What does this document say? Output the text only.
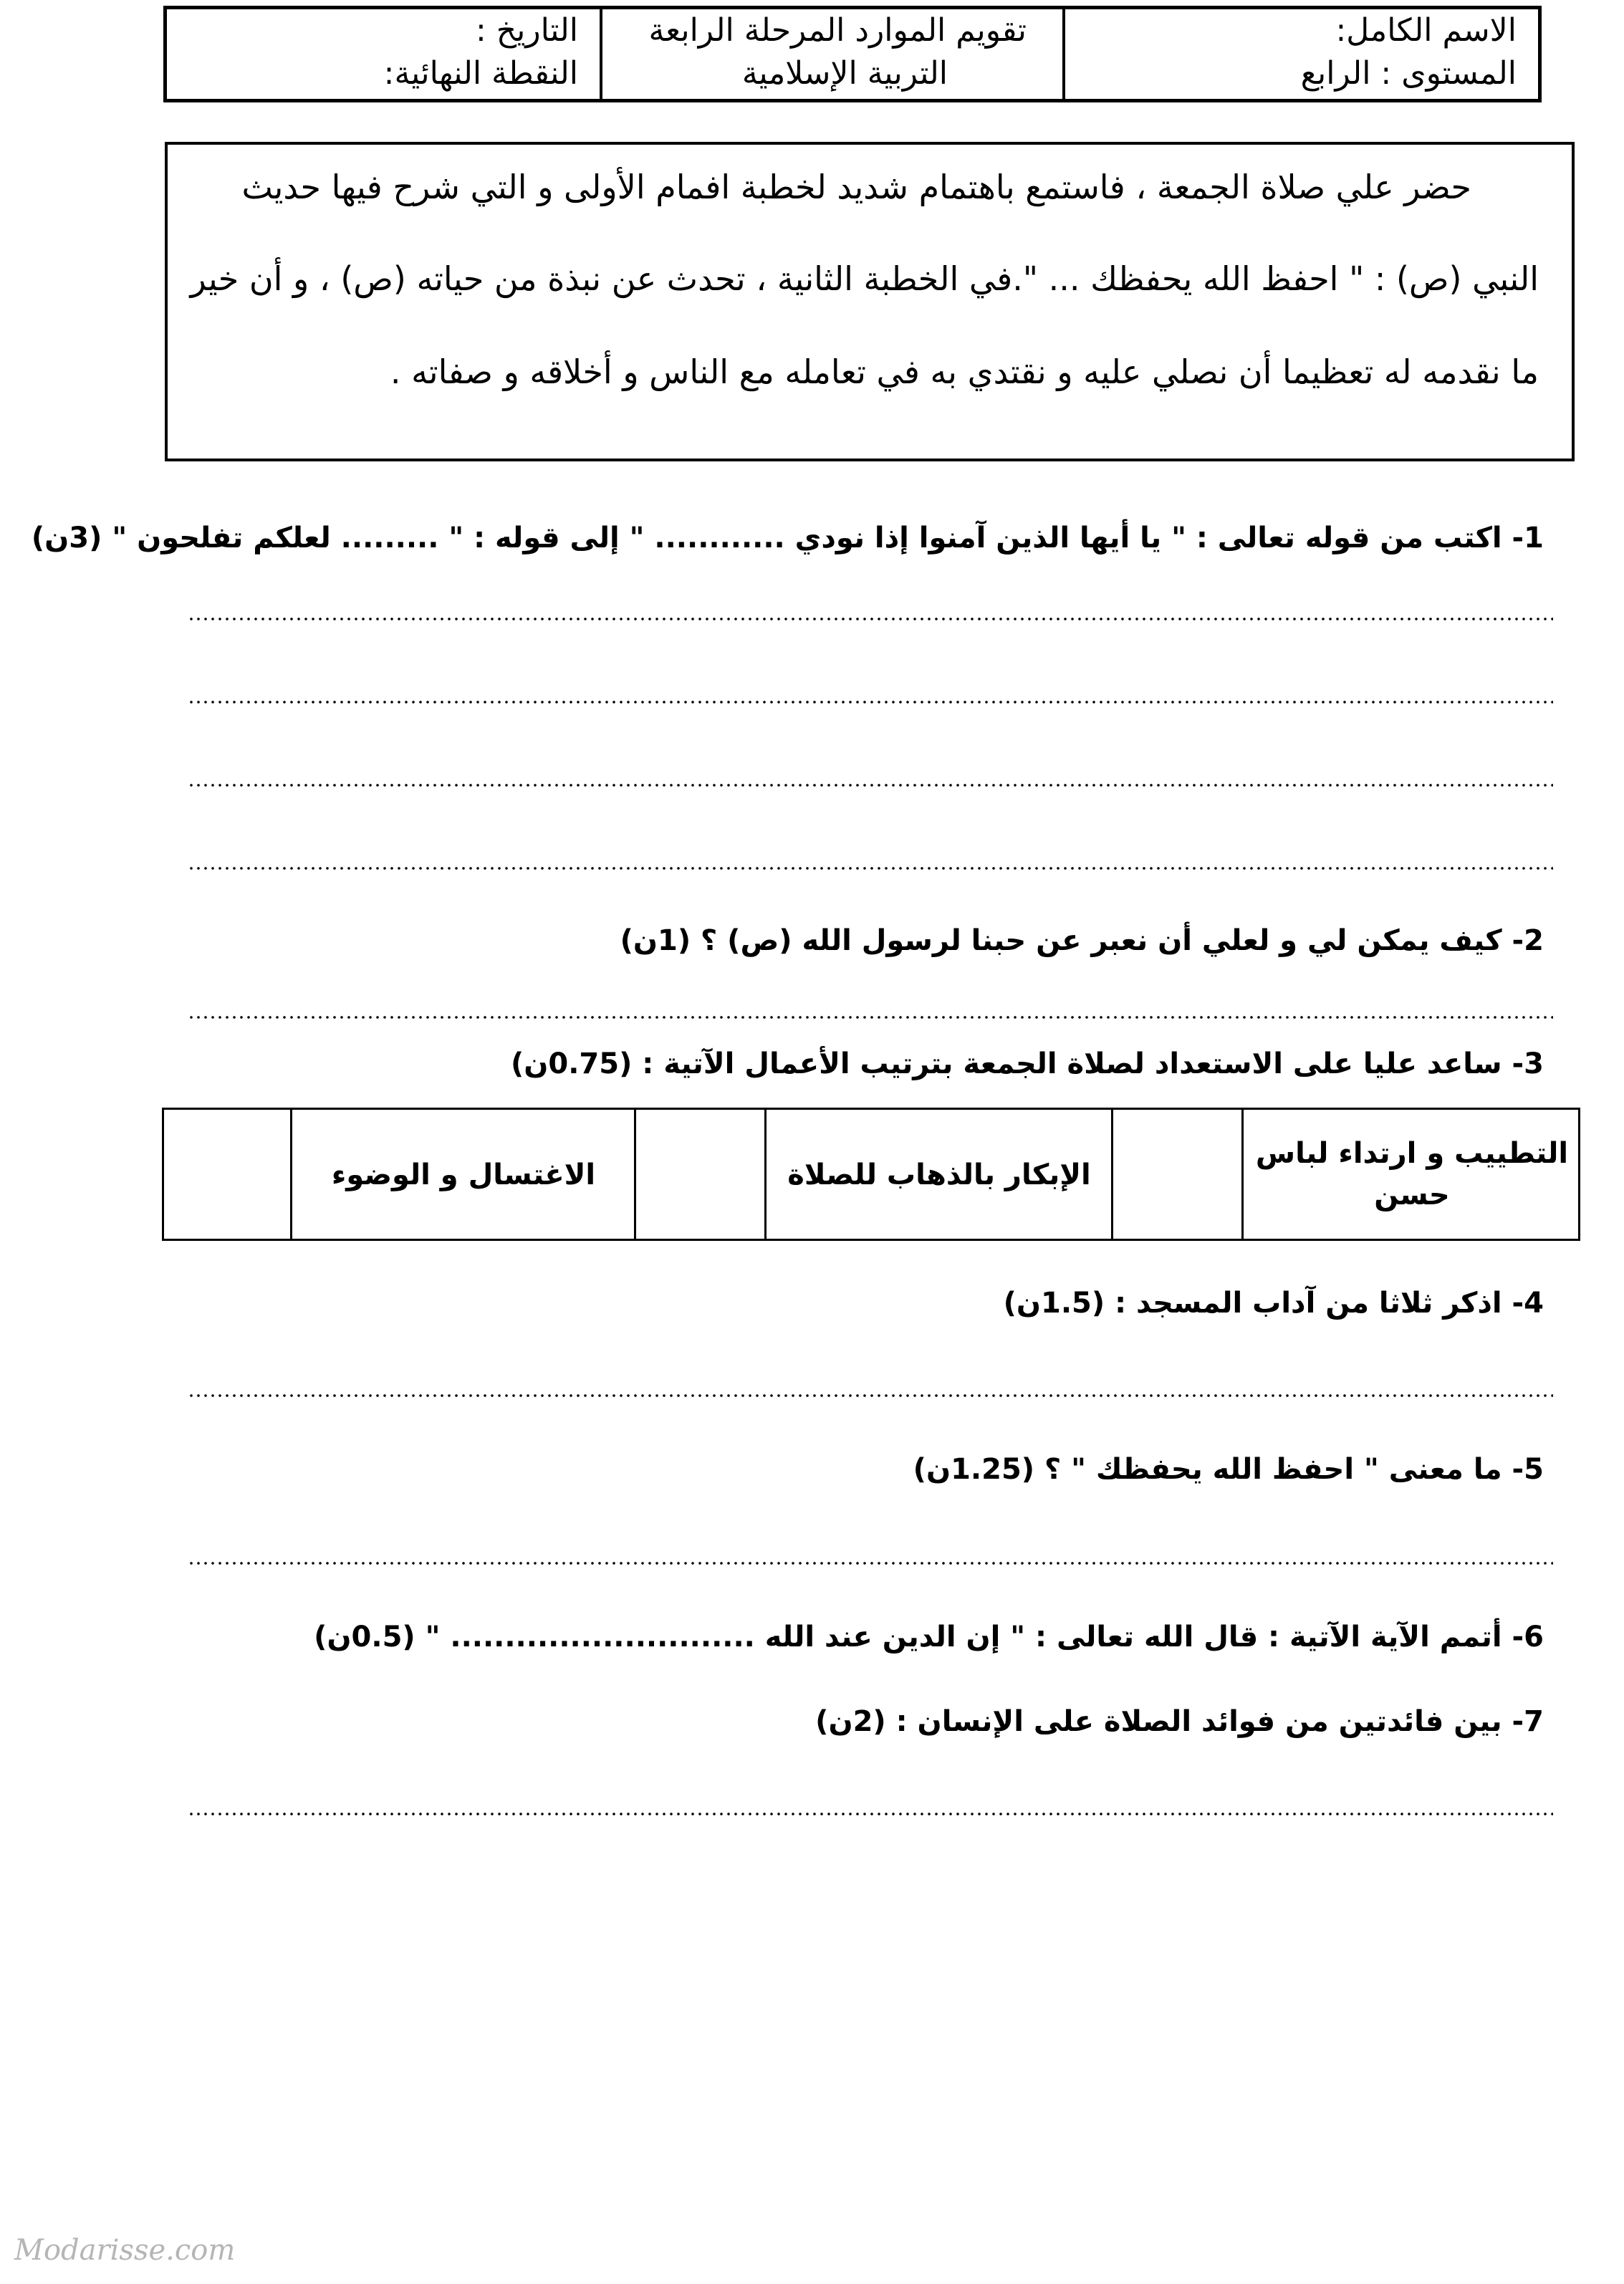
الاسم الكامل:
المستوى : الرابع
تقويم الموارد المرحلة الرابعة
التربية الإسلامية
التاريخ :
النقطة النهائية:
حضر علي صلاة الجمعة ، فاستمع باهتمام شديد لخطبة افمام الأولى و التي شرح فيها حديث
النبي (ص) : " احفظ الله يحفظك ... ".في الخطبة الثانية ، تحدث عن نبذة من حياته (ص) ، و أن خير
ما نقدمه له تعظيما أن نصلي عليه و نقتدي به في تعامله مع الناس و أخلاقه و صفاته .
1- اكتب من قوله تعالى : " يا أيها الذين آمنوا إذا نودي ............ " إلى قوله : " ......... لعلكم تفلحون " (3ن)
2- كيف يمكن لي و لعلي أن نعبر عن حبنا لرسول الله (ص) ؟ (1ن)
3- ساعد عليا على الاستعداد لصلاة الجمعة بترتيب الأعمال الآتية : (0.75ن)
التطييب و ارتداء لباس
حسن
الإبكار بالذهاب للصلاة
الاغتسال و الوضوء
4- اذكر ثلاثا من آداب المسجد : (1.5ن)
5- ما معنى " احفظ الله يحفظك " ؟ (1.25ن)
6- أتمم الآية الآتية : قال الله تعالى : " إن الدين عند الله ............................ " (0.5ن)
7- بين فائدتين من فوائد الصلاة على الإنسان : (2ن)
Modarisse.com
